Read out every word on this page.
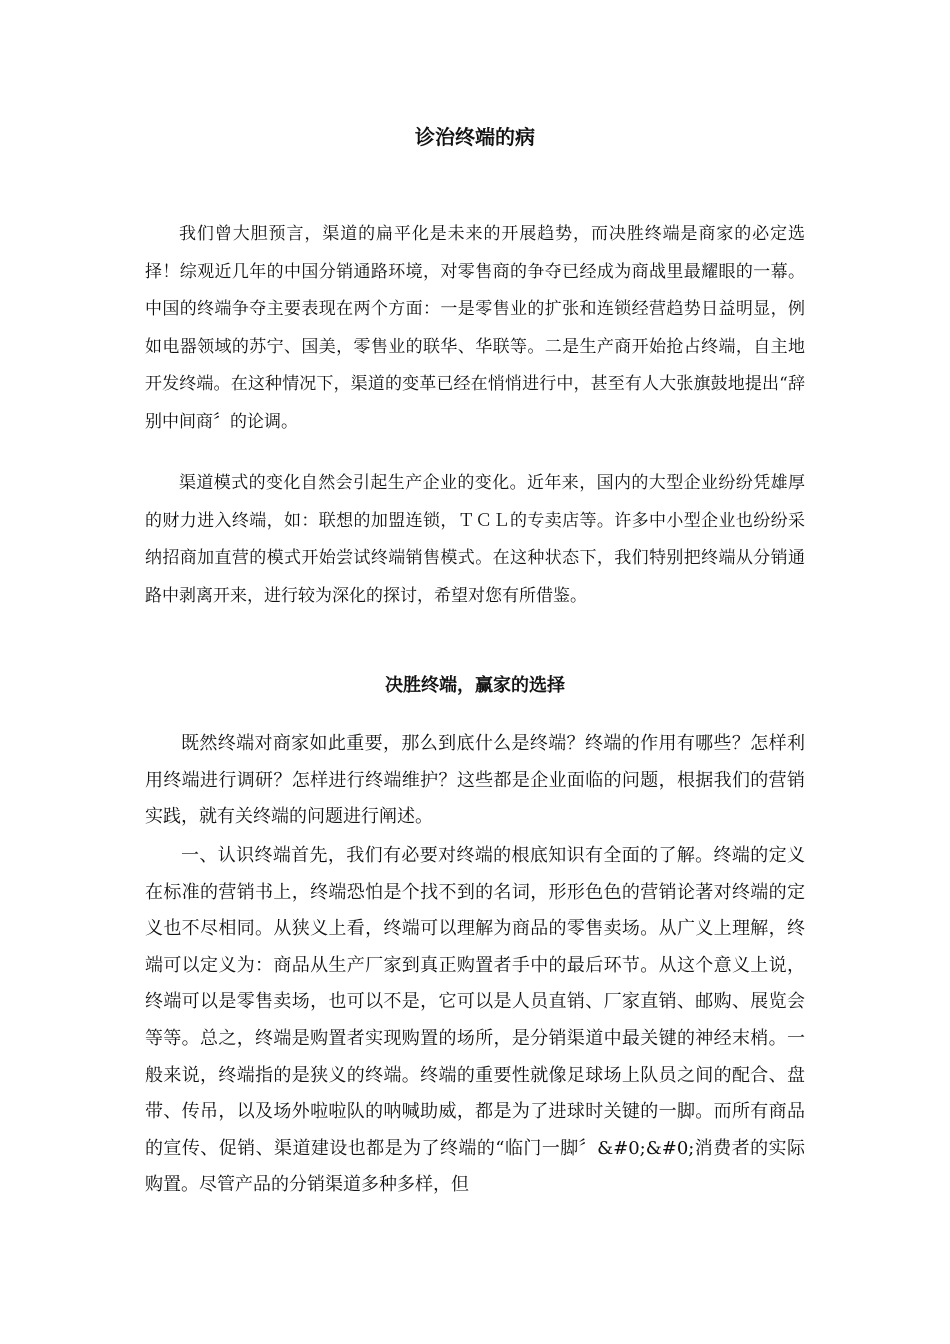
诊治终端的病

我们曾大胆预言，渠道的扁平化是未来的开展趋势，而决胜终端是商家的必定选择！综观近几年的中国分销通路环境，对零售商的争夺已经成为商战里最耀眼的一幕。中国的终端争夺主要表现在两个方面：一是零售业的扩张和连锁经营趋势日益明显，例如电器领域的苏宁、国美，零售业的联华、华联等。二是生产商开始抢占终端，自主地开发终端。在这种情况下，渠道的变革已经在悄悄进行中，甚至有人大张旗鼓地提出“辞别中间商〞的论调。

渠道模式的变化自然会引起生产企业的变化。近年来，国内的大型企业纷纷凭雄厚的财力进入终端，如：联想的加盟连锁，ＴＣＬ的专卖店等。许多中小型企业也纷纷采纳招商加直营的模式开始尝试终端销售模式。在这种状态下，我们特别把终端从分销通路中剥离开来，进行较为深化的探讨，希望对您有所借鉴。

决胜终端，赢家的选择

既然终端对商家如此重要，那么到底什么是终端？终端的作用有哪些？怎样利用终端进行调研？怎样进行终端维护？这些都是企业面临的问题，根据我们的营销实践，就有关终端的问题进行阐述。

一、认识终端首先，我们有必要对终端的根底知识有全面的了解。终端的定义在标准的营销书上，终端恐怕是个找不到的名词，形形色色的营销论著对终端的定义也不尽相同。从狭义上看，终端可以理解为商品的零售卖场。从广义上理解，终端可以定义为：商品从生产厂家到真正购置者手中的最后环节。从这个意义上说，终端可以是零售卖场，也可以不是，它可以是人员直销、厂家直销、邮购、展览会等等。总之，终端是购置者实现购置的场所，是分销渠道中最关键的神经末梢。一般来说，终端指的是狭义的终端。终端的重要性就像足球场上队员之间的配合、盘带、传吊，以及场外啦啦队的呐喊助威，都是为了进球时关键的一脚。而所有商品的宣传、促销、渠道建设也都是为了终端的“临门一脚〞&#0;&#0;消费者的实际购置。尽管产品的分销渠道多种多样，但
